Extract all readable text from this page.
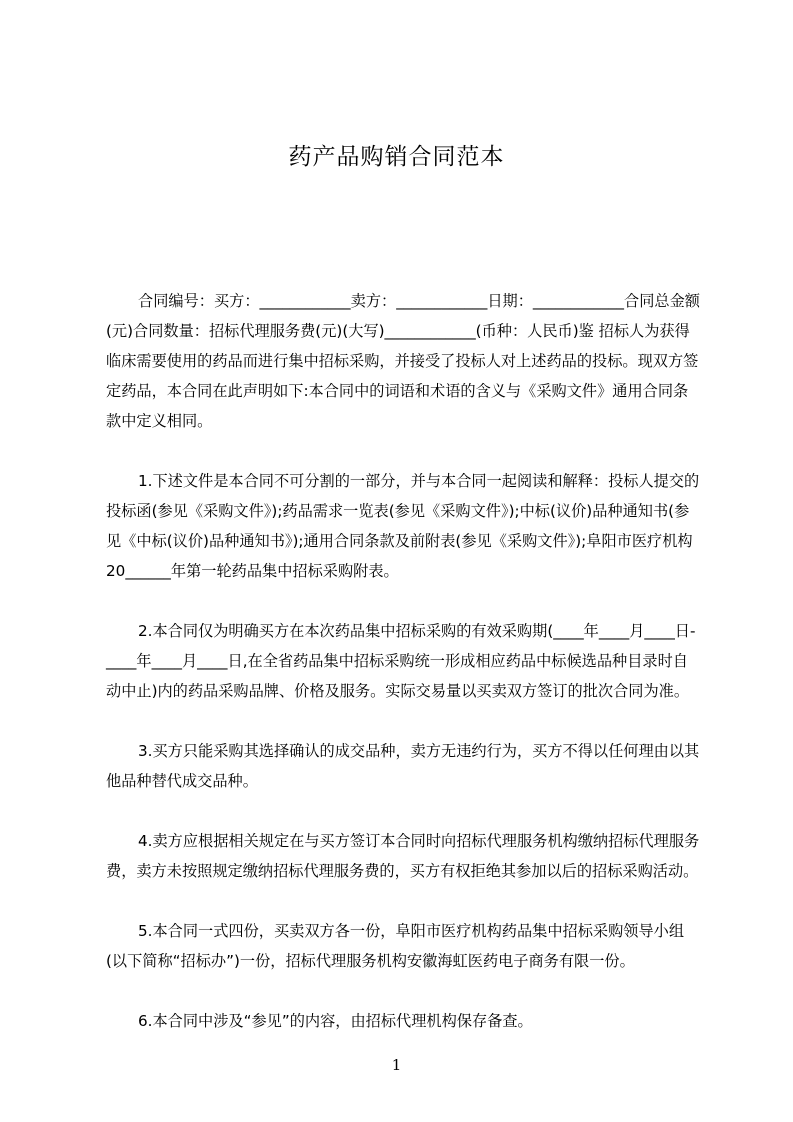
药产品购销合同范本

合同编号：买方：____________卖方：____________日期：____________合同总金额(元)合同数量：招标代理服务费(元)(大写)____________(币种：人民币)鉴 招标人为获得临床需要使用的药品而进行集中招标采购，并接受了投标人对上述药品的投标。现双方签定药品，本合同在此声明如下:本合同中的词语和术语的含义与《采购文件》通用合同条款中定义相同。

1.下述文件是本合同不可分割的一部分，并与本合同一起阅读和解释：投标人提交的投标函(参见《采购文件》);药品需求一览表(参见《采购文件》);中标(议价)品种通知书(参见《中标(议价)品种通知书》);通用合同条款及前附表(参见《采购文件》);阜阳市医疗机构20______年第一轮药品集中招标采购附表。

2.本合同仅为明确买方在本次药品集中招标采购的有效采购期(____年____月____日-____年____月____日,在全省药品集中招标采购统一形成相应药品中标候选品种目录时自动中止)内的药品采购品牌、价格及服务。实际交易量以买卖双方签订的批次合同为准。

3.买方只能采购其选择确认的成交品种，卖方无违约行为，买方不得以任何理由以其他品种替代成交品种。

4.卖方应根据相关规定在与买方签订本合同时向招标代理服务机构缴纳招标代理服务费，卖方未按照规定缴纳招标代理服务费的，买方有权拒绝其参加以后的招标采购活动。

5.本合同一式四份，买卖双方各一份，阜阳市医疗机构药品集中招标采购领导小组(以下简称“招标办”)一份，招标代理服务机构安徽海虹医药电子商务有限一份。

6.本合同中涉及“参见”的内容，由招标代理机构保存备查。

1
